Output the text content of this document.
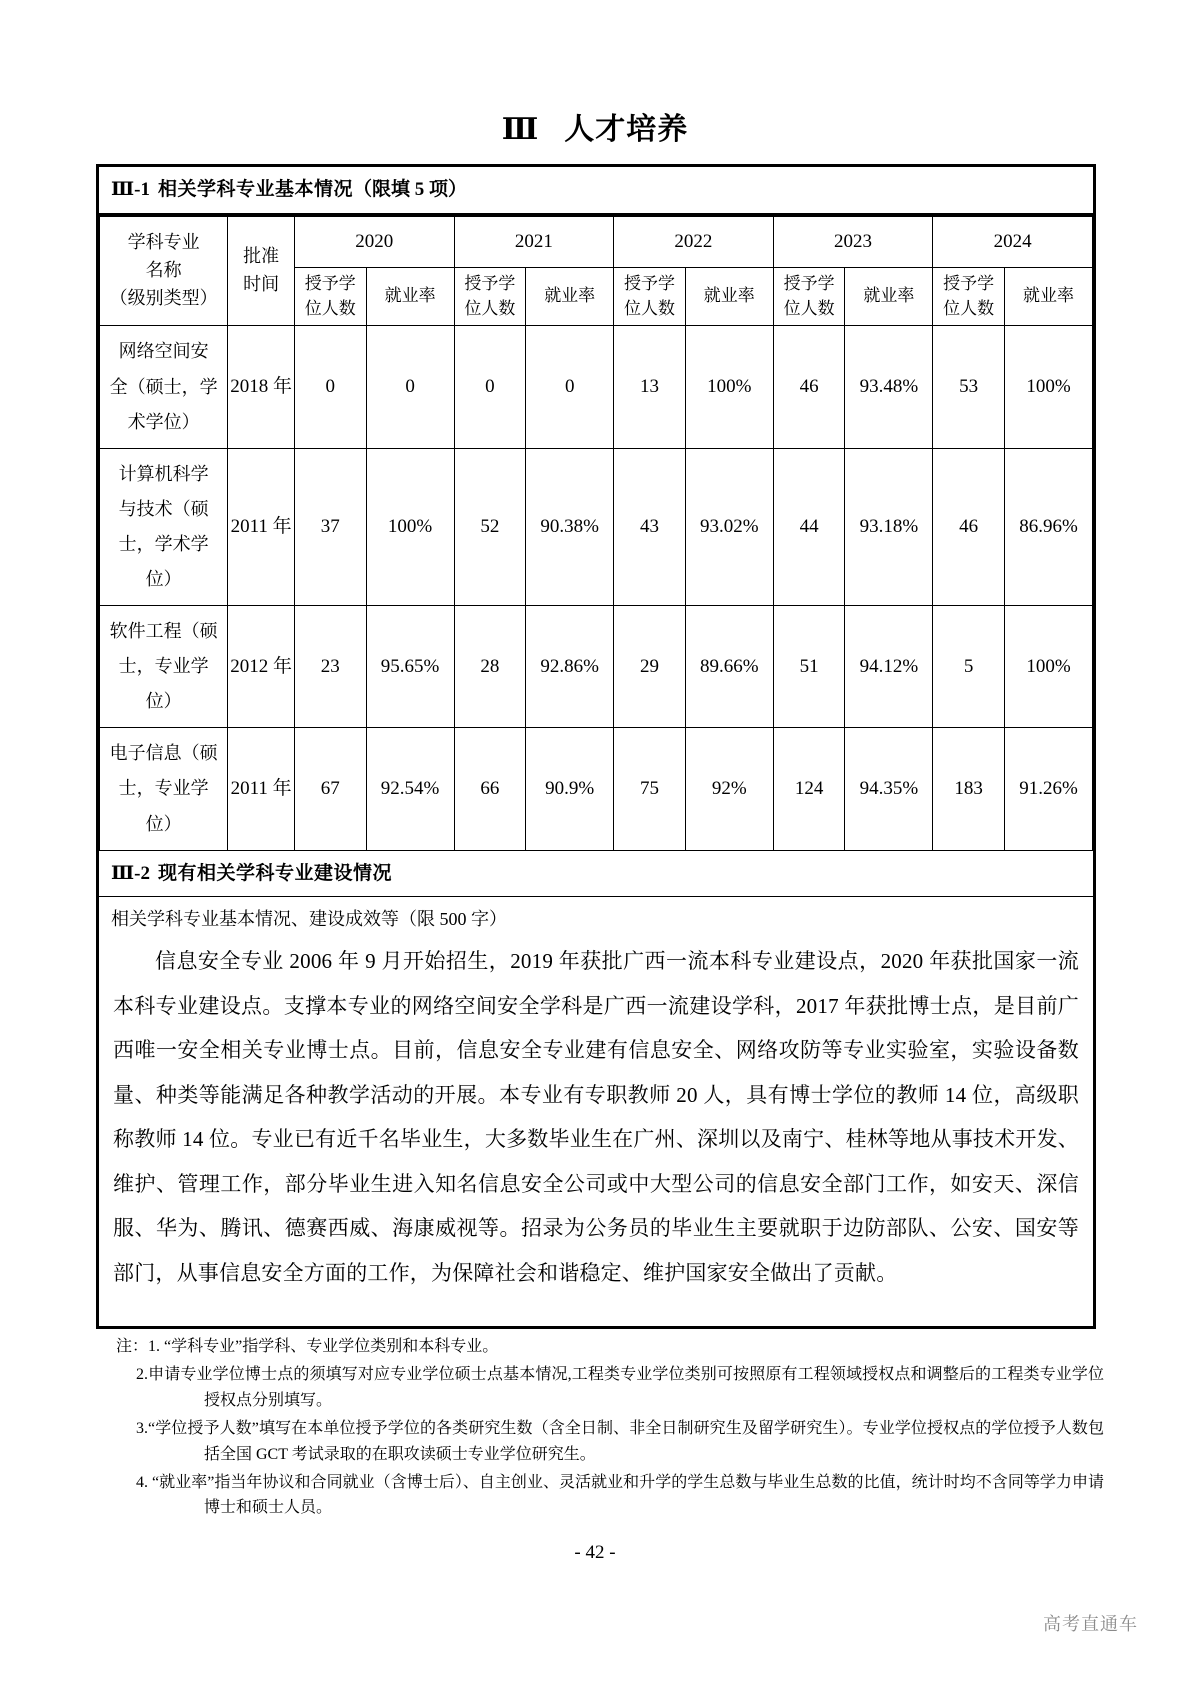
Ⅲ 人才培养
Ⅲ-1 相关学科专业基本情况（限填 5 项）
学科专业
名称
（级别类型）

批准
时间
	2020	2021	2022	2023	2024

授予学
位人数
	就业率	
授予学
位人数
	就业率	
授予学
位人数
	就业率	
授予学
位人数
	就业率	
授予学
位人数
	就业率

网络空间安
全（硕士，学
术学位）	2018 年	0	0	0	0	13	100%	46	93.48%	53	100%

计算机科学
与技术（硕
士，学术学
位）	2011 年	37	100%	52	90.38%	43	93.02%	44	93.18%	46	86.96%

软件工程（硕
士，专业学
位）	2012 年	23	95.65%	28	92.86%	29	89.66%	51	94.12%	5	100%

电子信息（硕
士，专业学
位）	2011 年	67	92.54%	66	90.9%	75	92%	124	94.35%	183	91.26%
Ⅲ-2 现有相关学科专业建设情况
相关学科专业基本情况、建设成效等（限 500 字）

信息安全专业 2006 年 9 月开始招生，2019 年获批广西一流本科专业建设点，2020 年获批国家一流本科专业建设点。支撑本专业的网络空间安全学科是广西一流建设学科，2017 年获批博士点，是目前广西唯一安全相关专业博士点。目前，信息安全专业建有信息安全、网络攻防等专业实验室，实验设备数量、种类等能满足各种教学活动的开展。本专业有专职教师 20 人，具有博士学位的教师 14 位，高级职称教师 14 位。专业已有近千名毕业生，大多数毕业生在广州、深圳以及南宁、桂林等地从事技术开发、维护、管理工作，部分毕业生进入知名信息安全公司或中大型公司的信息安全部门工作，如安天、深信服、华为、腾讯、德赛西威、海康威视等。招录为公务员的毕业生主要就职于边防部队、公安、国安等部门，从事信息安全方面的工作，为保障社会和谐稳定、维护国家安全做出了贡献。

注：1. “学科专业”指学科、专业学位类别和本科专业。
2.申请专业学位博士点的须填写对应专业学位硕士点基本情况,工程类专业学位类别可按照原有工程领域授权点和调整后的工程类专业学位授权点分别填写。
3.“学位授予人数”填写在本单位授予学位的各类研究生数（含全日制、非全日制研究生及留学研究生）。专业学位授权点的学位授予人数包括全国 GCT 考试录取的在职攻读硕士专业学位研究生。
4. “就业率”指当年协议和合同就业（含博士后）、自主创业、灵活就业和升学的学生总数与毕业生总数的比值，统计时均不含同等学力申请博士和硕士人员。
- 42 -
高考直通车
